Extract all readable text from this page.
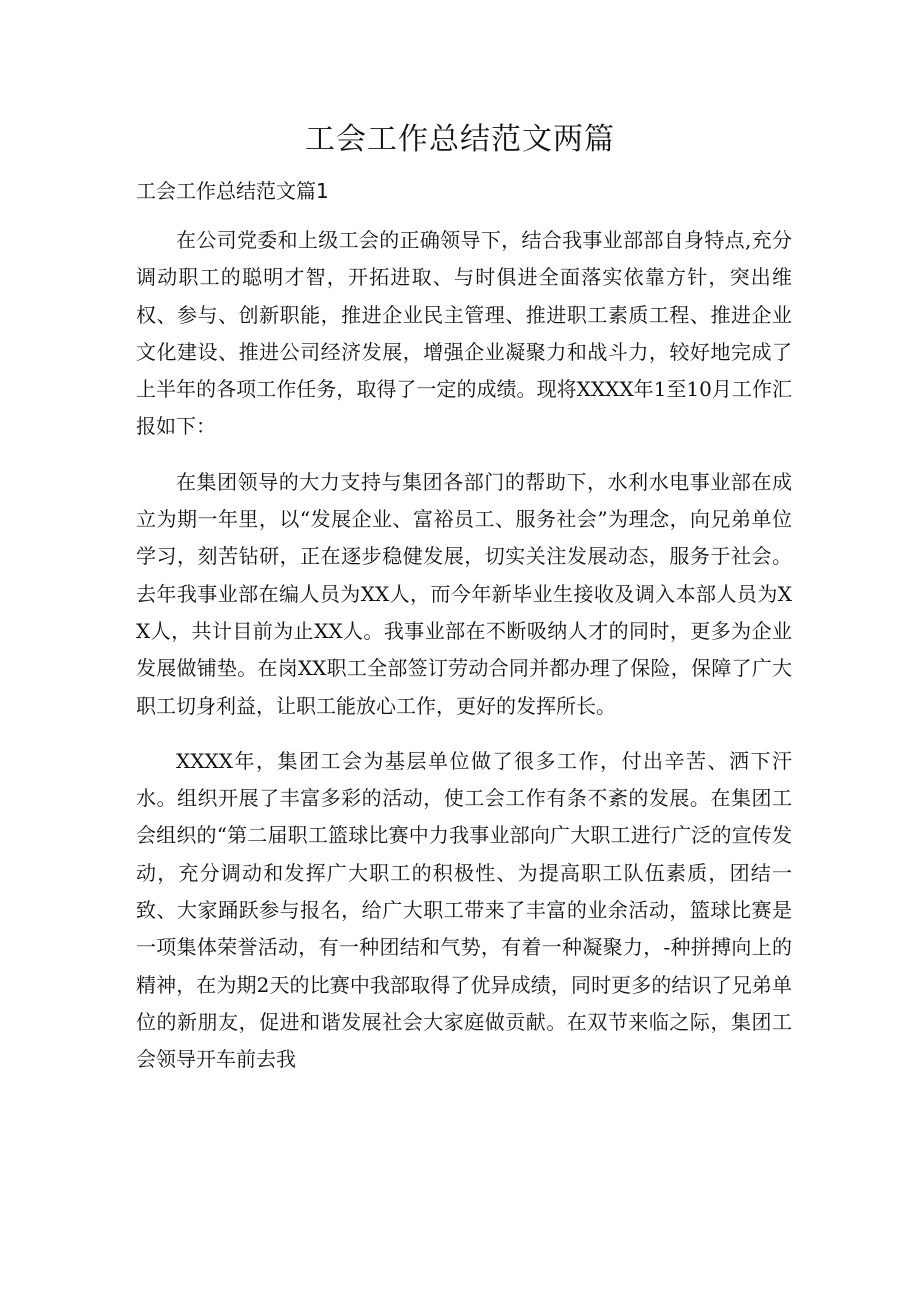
工会工作总结范文两篇
工会工作总结范文篇1

在公司党委和上级工会的正确领导下，结合我事业部部自身特点,充分调动职工的聪明才智，开拓进取、与时俱进全面落实依靠方针，突出维权、参与、创新职能，推进企业民主管理、推进职工素质工程、推进企业文化建设、推进公司经济发展，增强企业凝聚力和战斗力，较好地完成了上半年的各项工作任务，取得了一定的成绩。现将XXXX年1至10月工作汇报如下：

在集团领导的大力支持与集团各部门的帮助下，水利水电事业部在成立为期一年里，以“发展企业、富裕员工、服务社会”为理念，向兄弟单位学习，刻苦钻研，正在逐步稳健发展，切实关注发展动态，服务于社会。去年我事业部在编人员为XX人，而今年新毕业生接收及调入本部人员为XX人，共计目前为止XX人。我事业部在不断吸纳人才的同时，更多为企业发展做铺垫。在岗XX职工全部签订劳动合同并都办理了保险，保障了广大职工切身利益，让职工能放心工作，更好的发挥所长。

XXXX年，集团工会为基层单位做了很多工作，付出辛苦、洒下汗水。组织开展了丰富多彩的活动，使工会工作有条不紊的发展。在集团工会组织的“第二届职工篮球比赛中力我事业部向广大职工进行广泛的宣传发动，充分调动和发挥广大职工的积极性、为提高职工队伍素质，团结一致、大家踊跃参与报名，给广大职工带来了丰富的业余活动，篮球比赛是一项集体荣誉活动，有一种团结和气势，有着一种凝聚力，-种拼搏向上的精神，在为期2天的比赛中我部取得了优异成绩，同时更多的结识了兄弟单位的新朋友，促进和谐发展社会大家庭做贡献。在双节来临之际，集团工会领导开车前去我
